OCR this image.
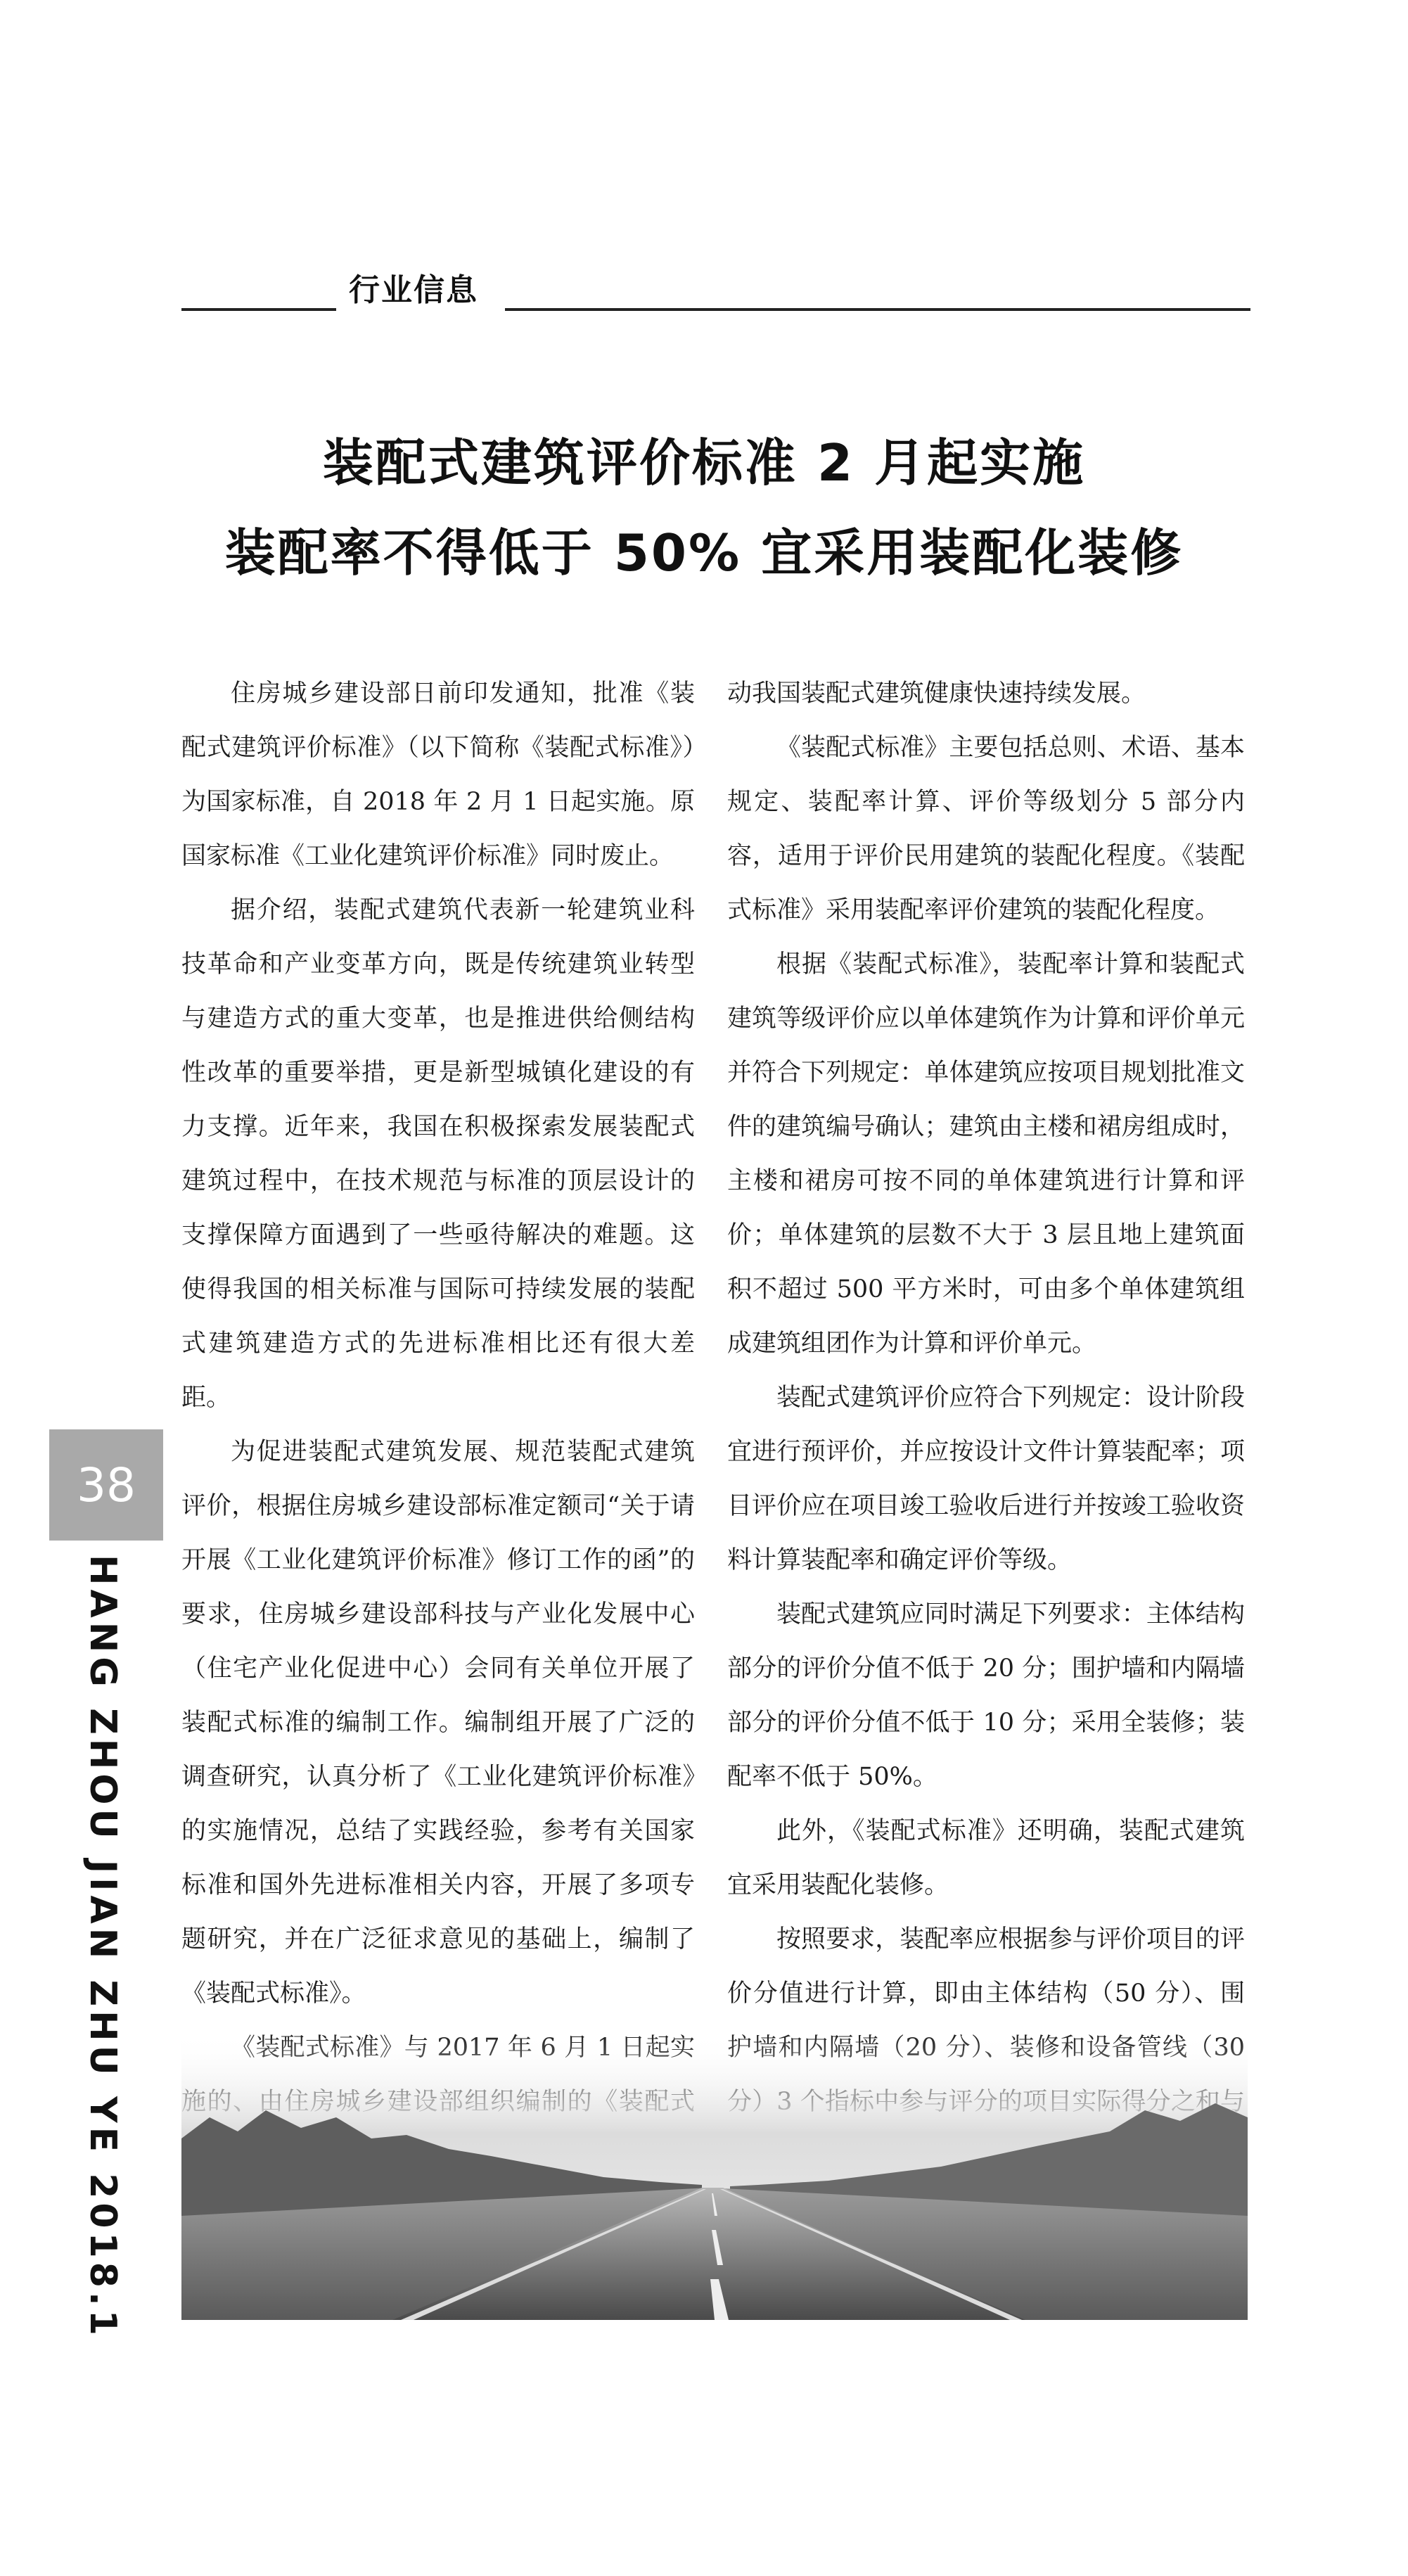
行业信息
装配式建筑评价标准 2 月起实施
装配率不得低于 50% 宜采用装配化装修

住房城乡建设部日前印发通知，批准《装配式建筑评价标准》（以下简称《装配式标准》）为国家标准，自 2018 年 2 月 1 日起实施。原国家标准《工业化建筑评价标准》同时废止。

据介绍，装配式建筑代表新一轮建筑业科技革命和产业变革方向，既是传统建筑业转型与建造方式的重大变革，也是推进供给侧结构性改革的重要举措，更是新型城镇化建设的有力支撑。近年来，我国在积极探索发展装配式建筑过程中，在技术规范与标准的顶层设计的支撑保障方面遇到了一些亟待解决的难题。这使得我国的相关标准与国际可持续发展的装配式建筑建造方式的先进标准相比还有很大差距。

为促进装配式建筑发展、规范装配式建筑评价，根据住房城乡建设部标准定额司“关于请开展《工业化建筑评价标准》修订工作的函”的要求，住房城乡建设部科技与产业化发展中心（住宅产业化促进中心）会同有关单位开展了装配式标准的编制工作。编制组开展了广泛的调查研究，认真分析了《工业化建筑评价标准》的实施情况，总结了实践经验，参考有关国家标准和国外先进标准相关内容，开展了多项专题研究，并在广泛征求意见的基础上，编制了《装配式标准》。

动我国装配式建筑健康快速持续发展。

《装配式标准》主要包括总则、术语、基本规定、装配率计算、评价等级划分 5 部分内容，适用于评价民用建筑的装配化程度。《装配式标准》采用装配率评价建筑的装配化程度。

根据《装配式标准》，装配率计算和装配式建筑等级评价应以单体建筑作为计算和评价单元并符合下列规定：单体建筑应按项目规划批准文件的建筑编号确认；建筑由主楼和裙房组成时，主楼和裙房可按不同的单体建筑进行计算和评价；单体建筑的层数不大于 3 层且地上建筑面积不超过 500 平方米时，可由多个单体建筑组成建筑组团作为计算和评价单元。

装配式建筑评价应符合下列规定：设计阶段宜进行预评价，并应按设计文件计算装配率；项目评价应在项目竣工验收后进行并按竣工验收资料计算装配率和确定评价等级。

装配式建筑应同时满足下列要求：主体结构部分的评价分值不低于 20 分；围护墙和内隔墙部分的评价分值不低于 10 分；采用全装修；装配率不低于 50%。

此外，《装配式标准》还明确，装配式建筑宜采用装配化装修。

按照要求，装配率应根据参与评价项目的评价分值进行计算，即由主体结构（50 分）、围

38
HANG ZHOU JIAN ZHU YE 2018.1
